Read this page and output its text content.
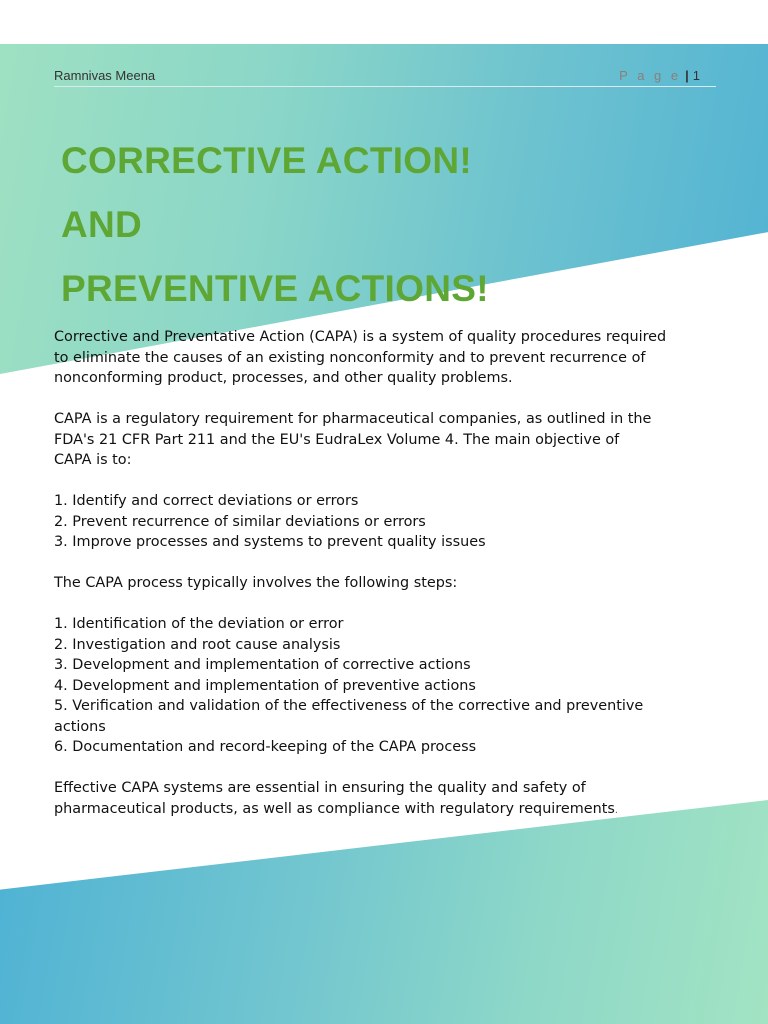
Ramnivas Meena	P a g e | 1
CORRECTIVE ACTION!
AND
PREVENTIVE ACTIONS!

Corrective and Preventative Action (CAPA) is a system of quality procedures required

to eliminate the causes of an existing nonconformity and to prevent recurrence of

nonconforming product, processes, and other quality problems.

CAPA is a regulatory requirement for pharmaceutical companies, as outlined in the

FDA's 21 CFR Part 211 and the EU's EudraLex Volume 4. The main objective of

CAPA is to:

1. Identify and correct deviations or errors

2. Prevent recurrence of similar deviations or errors

3. Improve processes and systems to prevent quality issues

The CAPA process typically involves the following steps:

1. Identification of the deviation or error

2. Investigation and root cause analysis

3. Development and implementation of corrective actions

4. Development and implementation of preventive actions

5. Verification and validation of the effectiveness of the corrective and preventive

actions

6. Documentation and record-keeping of the CAPA process

Effective CAPA systems are essential in ensuring the quality and safety of

pharmaceutical products, as well as compliance with regulatory requirements.
